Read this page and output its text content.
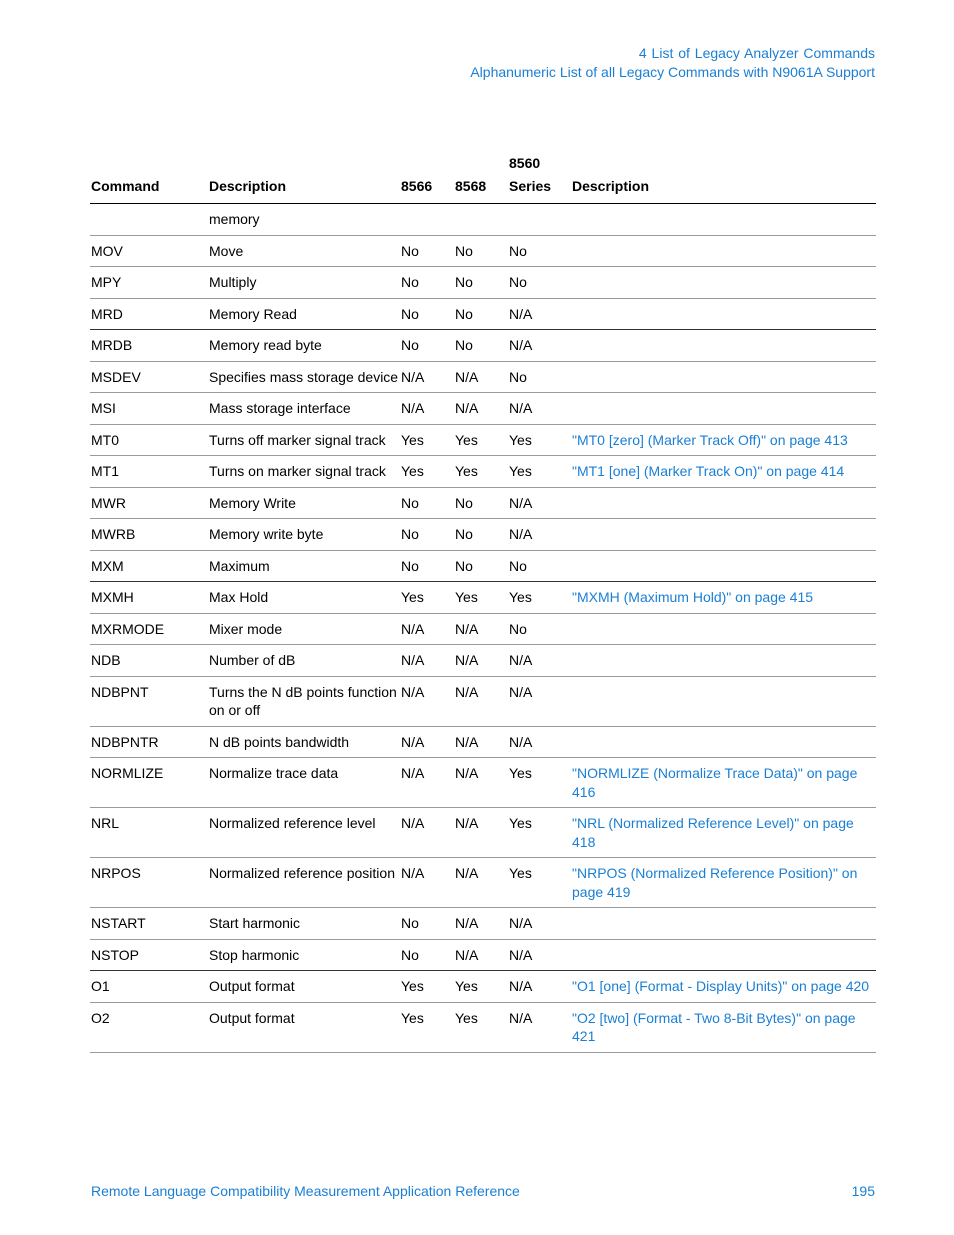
4 List of Legacy Analyzer Commands
Alphanumeric List of all Legacy Commands with N9061A Support
Command	Description	8566	8568	8560 Series	Description
	memory				
MOV	Move	No	No	No	
MPY	Multiply	No	No	No	
MRD	Memory Read	No	No	N/A	
MRDB	Memory read byte	No	No	N/A	
MSDEV	Specifies mass storage device	N/A	N/A	No	
MSI	Mass storage interface	N/A	N/A	N/A	
MT0	Turns off marker signal track	Yes	Yes	Yes	"MT0 [zero] (Marker Track Off)" on page 413
MT1	Turns on marker signal track	Yes	Yes	Yes	"MT1 [one] (Marker Track On)" on page 414
MWR	Memory Write	No	No	N/A	
MWRB	Memory write byte	No	No	N/A	
MXM	Maximum	No	No	No	
MXMH	Max Hold	Yes	Yes	Yes	"MXMH (Maximum Hold)" on page 415
MXRMODE	Mixer mode	N/A	N/A	No	
NDB	Number of dB	N/A	N/A	N/A	
NDBPNT	Turns the N dB points function on or off	N/A	N/A	N/A	
NDBPNTR	N dB points bandwidth	N/A	N/A	N/A	
NORMLIZE	Normalize trace data	N/A	N/A	Yes	"NORMLIZE (Normalize Trace Data)" on page 416
NRL	Normalized reference level	N/A	N/A	Yes	"NRL (Normalized Reference Level)" on page 418
NRPOS	Normalized reference position	N/A	N/A	Yes	"NRPOS (Normalized Reference Position)" on page 419
NSTART	Start harmonic	No	N/A	N/A	
NSTOP	Stop harmonic	No	N/A	N/A	
O1	Output format	Yes	Yes	N/A	"O1 [one] (Format - Display Units)" on page 420
O2	Output format	Yes	Yes	N/A	"O2 [two] (Format - Two 8-Bit Bytes)" on page 421
Remote Language Compatibility Measurement Application Reference	195
